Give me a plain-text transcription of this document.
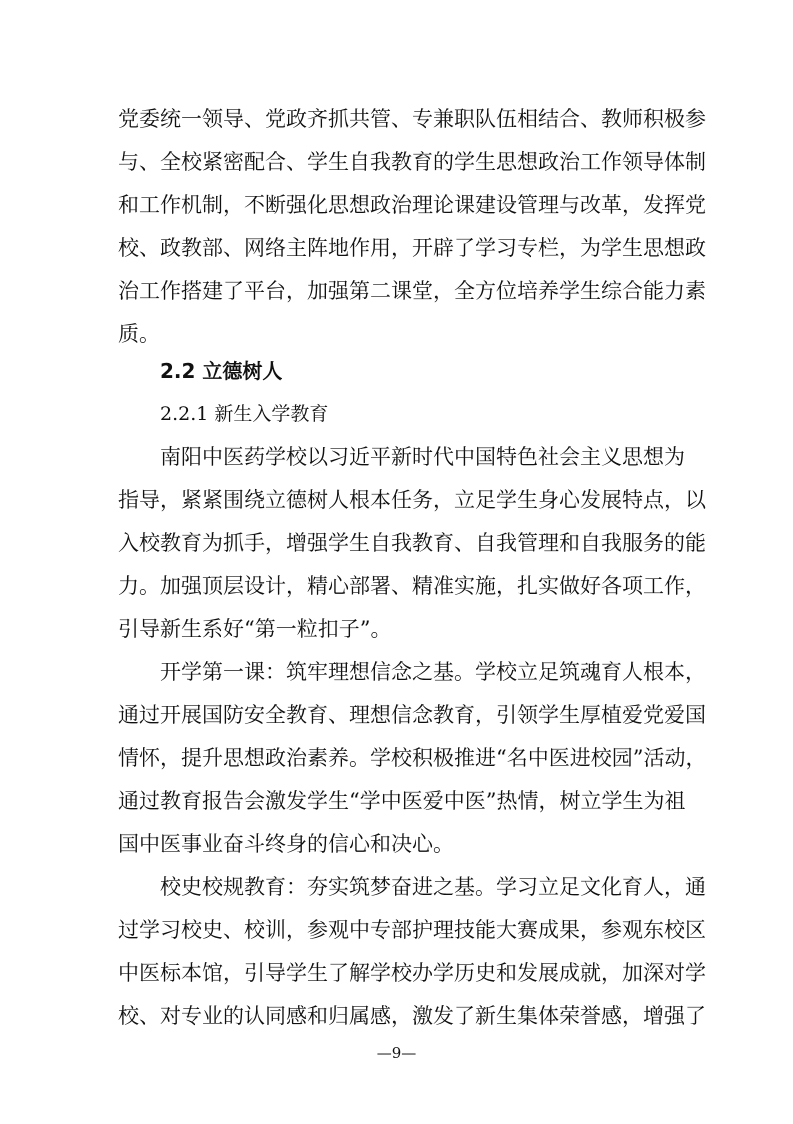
党委统一领导、党政齐抓共管、专兼职队伍相结合、教师积极参
与、全校紧密配合、学生自我教育的学生思想政治工作领导体制
和工作机制，不断强化思想政治理论课建设管理与改革，发挥党
校、政教部、网络主阵地作用，开辟了学习专栏，为学生思想政
治工作搭建了平台，加强第二课堂，全方位培养学生综合能力素
质。
2.2 立德树人
2.2.1 新生入学教育
南阳中医药学校以习近平新时代中国特色社会主义思想为
指导，紧紧围绕立德树人根本任务，立足学生身心发展特点，以
入校教育为抓手，增强学生自我教育、自我管理和自我服务的能
力。加强顶层设计，精心部署、精准实施，扎实做好各项工作，
引导新生系好“第一粒扣子”。
开学第一课：筑牢理想信念之基。学校立足筑魂育人根本，
通过开展国防安全教育、理想信念教育，引领学生厚植爱党爱国
情怀，提升思想政治素养。学校积极推进“名中医进校园”活动，
通过教育报告会激发学生“学中医爱中医”热情，树立学生为祖
国中医事业奋斗终身的信心和决心。
校史校规教育：夯实筑梦奋进之基。学习立足文化育人，通
过学习校史、校训，参观中专部护理技能大赛成果，参观东校区
中医标本馆，引导学生了解学校办学历史和发展成就，加深对学
校、对专业的认同感和归属感，激发了新生集体荣誉感，增强了
—9—
